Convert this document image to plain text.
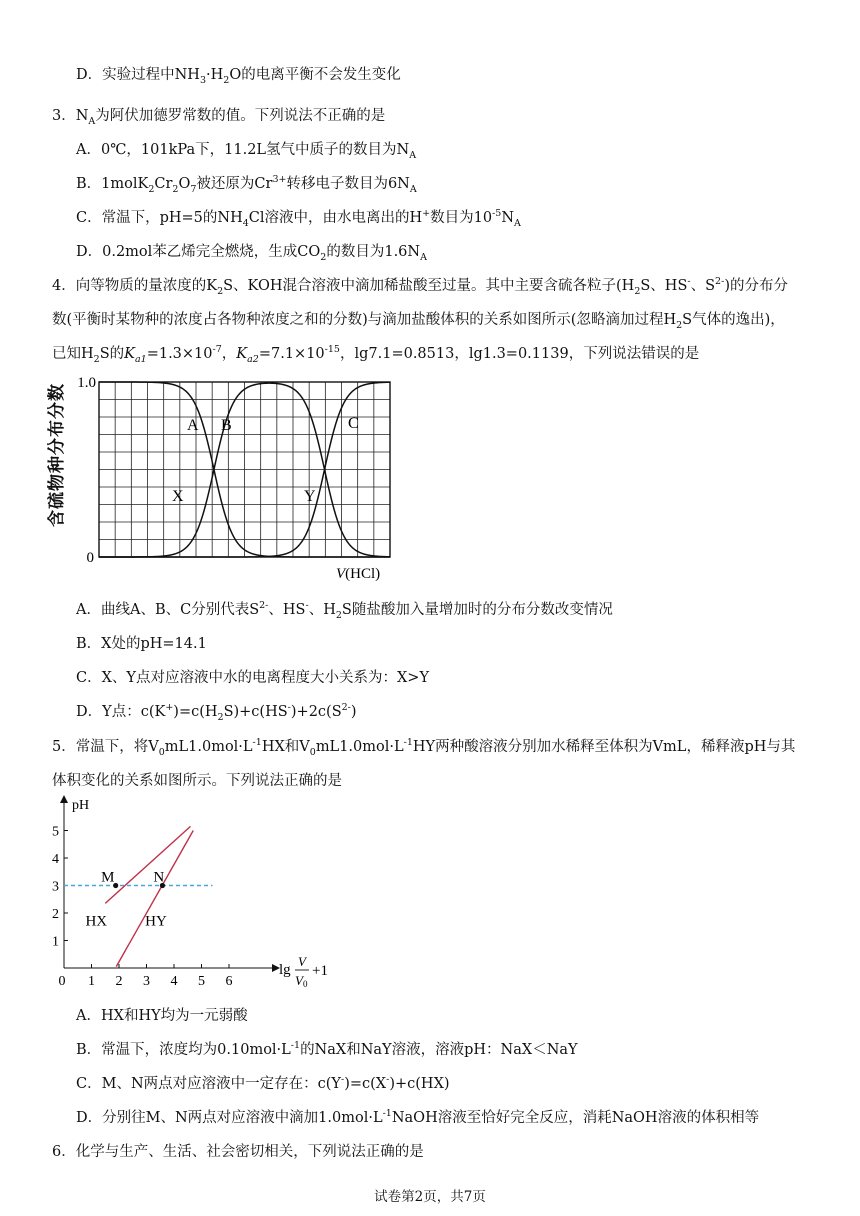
D．实验过程中$NH_3\cdot H_2O$的电离平衡不会发生变化
3．$N_A$为阿伏加德罗常数的值。下列说法不正确的是
A．0℃，101kPa下，11.2L氢气中质子的数目为$N_A$
B．$1molK_2Cr_2O_7$被还原为$Cr^{3+}$转移电子数目为$6N_A$
C．常温下，pH=5的$NH_4Cl$溶液中，由水电离出的H+数目为$10^{-5}N_A$
D．0.2mol苯乙烯完全燃烧，生成$CO_2$的数目为$1.6N_A$
4．向等物质的量浓度的$K_2S$、KOH混合溶液中滴加稀盐酸至过量。其中主要含硫各粒子($H_2S$、HS-、$S^{2-}$)的分布分
数(平衡时某物种的浓度占各物种浓度之和的分数)与滴加盐酸体积的关系如图所示(忽略滴加过程$H_2S$气体的逸出)，
已知$H_2S$的$K_{a1}=1.3\times 10^{-7}$，$K_{a2}=7.1\times 10^{-15}$，lg7.1=0.8513，lg1.3=0.1139，下列说法错误的是
1.0
0
A B	C
X	Y
V(HCl)
含硫物种分布分数
A．曲线A、B、C分别代表$S^{2-}$、HS-、$H_2S$随盐酸加入量增加时的分布分数改变情况
B．X处的pH=14.1
C．X、Y点对应溶液中水的电离程度大小关系为：X>Y
D．Y点：$c(K^+)=c(H_2S)+c(HS^-)+2c(S^{2-})$
5．常温下，将$V_0mL1.0mol\cdot L^{-1}HX$和$V_0mL1.0mol\cdot L^{-1}HY$两种酸溶液分别加水稀释至体积为VmL，稀释液pH与其
体积变化的关系如图所示。下列说法正确的是
1
2
3
4
5
0 1 2 3 4 5 6
M	N
HX	HY
pH
lg
V
V0
+1
A．HX和HY均为一元弱酸
B．常温下，浓度均为$0.10mol\cdot L^{-1}$的NaX和NaY溶液，溶液pH：NaX＜NaY
C．M、N两点对应溶液中一定存在：c(Y-)=c(X-)+c(HX)
D．分别往M、N两点对应溶液中滴加$1.0mol\cdot L^{-1}NaOH$溶液至恰好完全反应，消耗NaOH溶液的体积相等
6．化学与生产、生活、社会密切相关，下列说法正确的是
试卷第2页，共7页
